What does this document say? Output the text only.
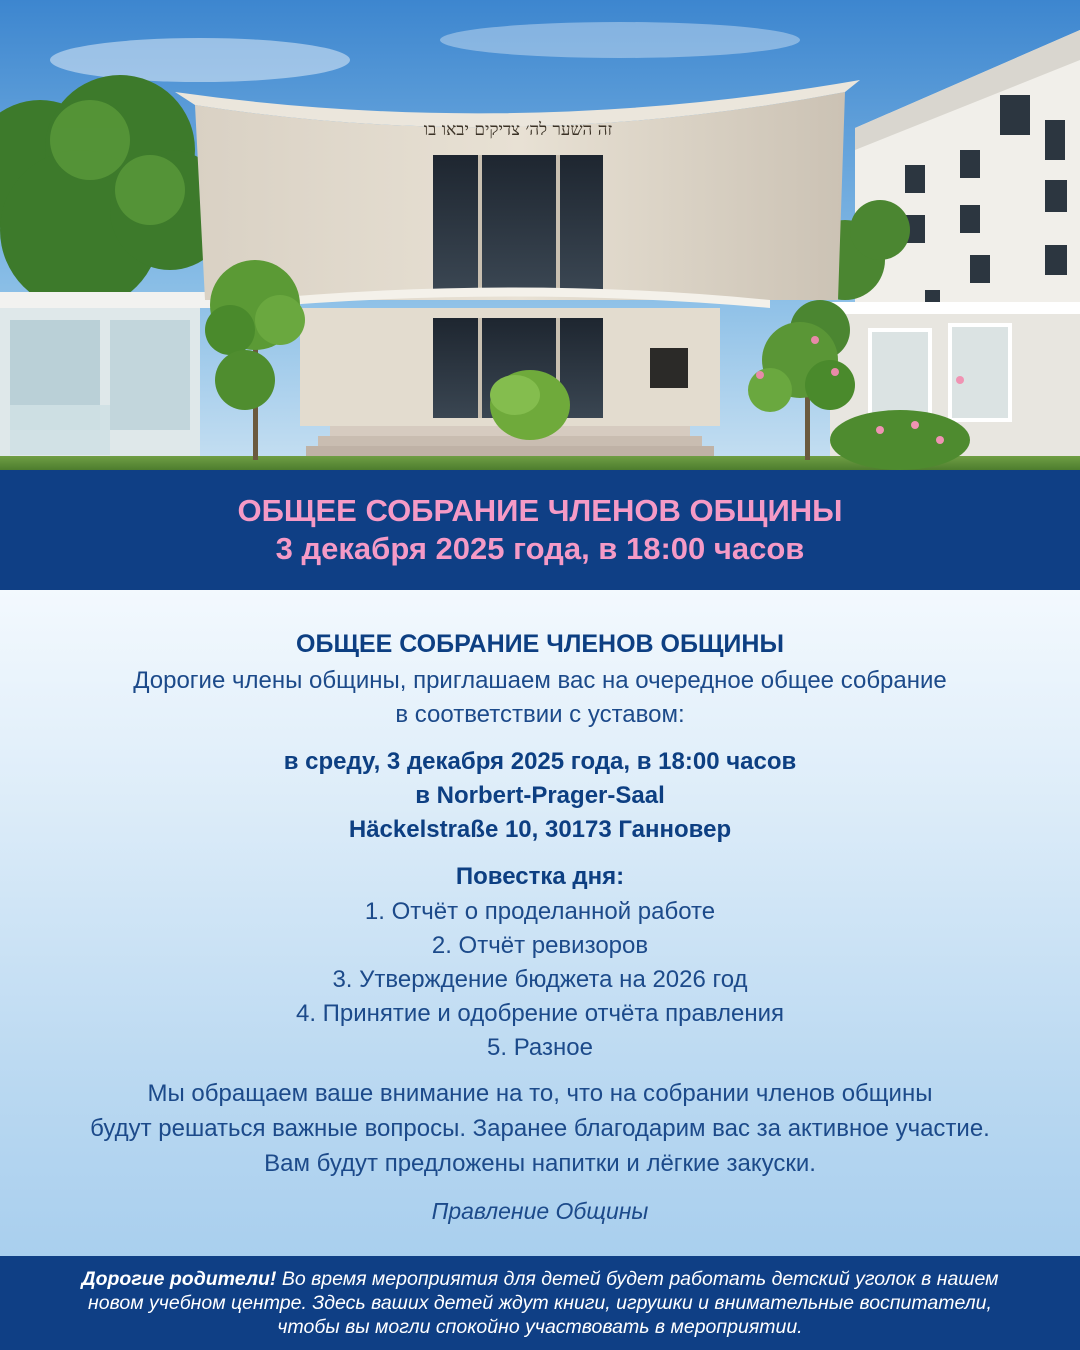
זה השער לה׳ צדיקים יבאו בו
ОБЩЕЕ СОБРАНИЕ ЧЛЕНОВ ОБЩИНЫ
3 декабря 2025 года, в 18:00 часов
ОБЩЕЕ СОБРАНИЕ ЧЛЕНОВ ОБЩИНЫ

Дорогие члены общины, приглашаем вас на очередное общее собрание

в соответствии с уставом:

в среду, 3 декабря 2025 года, в 18:00 часов
в Norbert-Prager-Saal
Häckelstraße 10, 30173 Ганновер
Повестка дня:
1. Отчёт о проделанной работе
2. Отчёт ревизоров
3. Утверждение бюджета на 2026 год
4. Принятие и одобрение отчёта правления
5. Разное
Мы обращаем ваше внимание на то, что на собрании членов общины
будут решаться важные вопросы. Заранее благодарим вас за активное участие.
Вам будут предложены напитки и лёгкие закуски.
Правление Общины
Дорогие родители! Во время мероприятия для детей будет работать детский уголок в нашем новом учебном центре. Здесь ваших детей ждут книги, игрушки и внимательные воспитатели, чтобы вы могли спокойно участвовать в мероприятии.
